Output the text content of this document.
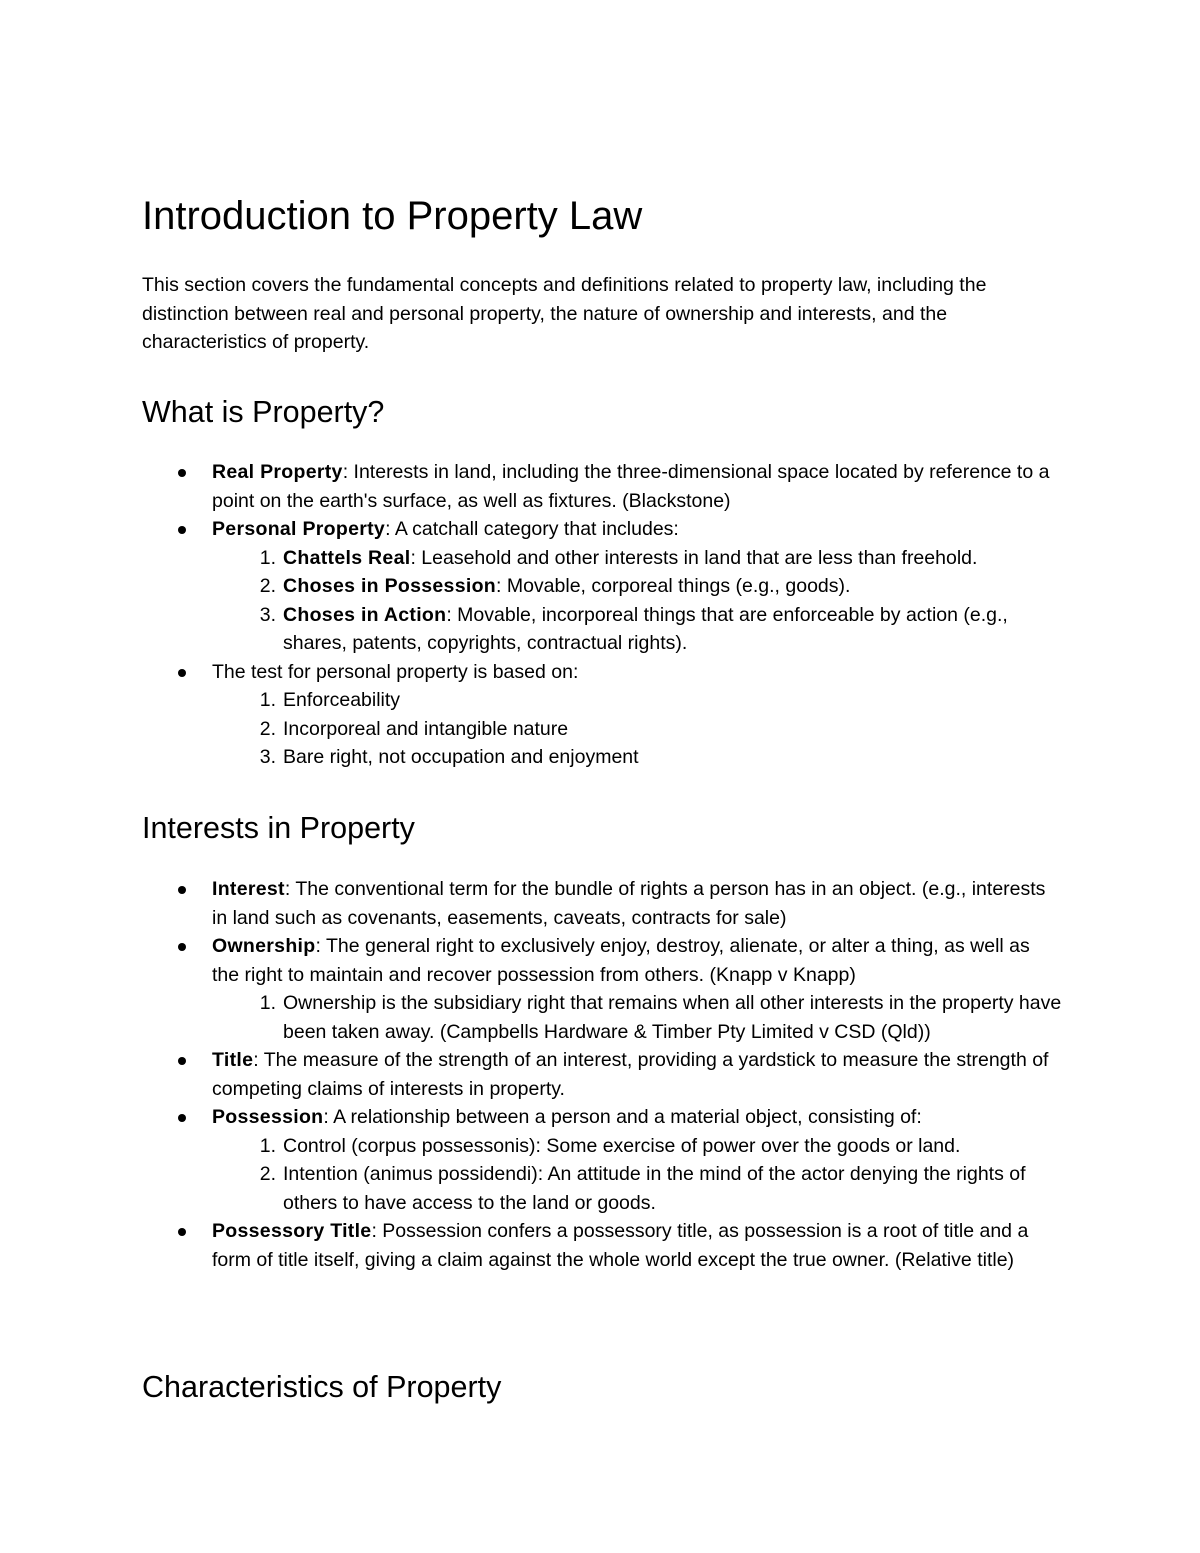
Introduction to Property Law

This section covers the fundamental concepts and definitions related to property law, including the distinction between real and personal property, the nature of ownership and interests, and the characteristics of property.

What is Property?
Real Property: Interests in land, including the three-dimensional space located by reference to a point on the earth's surface, as well as fixtures. (Blackstone)
Personal Property: A catchall category that includes:
1. Chattels Real: Leasehold and other interests in land that are less than freehold.
2. Choses in Possession: Movable, corporeal things (e.g., goods).
3. Choses in Action: Movable, incorporeal things that are enforceable by action (e.g., shares, patents, copyrights, contractual rights).
The test for personal property is based on:
1. Enforceability
2. Incorporeal and intangible nature
3. Bare right, not occupation and enjoyment
Interests in Property
Interest: The conventional term for the bundle of rights a person has in an object. (e.g., interests in land such as covenants, easements, caveats, contracts for sale)
Ownership: The general right to exclusively enjoy, destroy, alienate, or alter a thing, as well as the right to maintain and recover possession from others. (Knapp v Knapp)
1. Ownership is the subsidiary right that remains when all other interests in the property have been taken away. (Campbells Hardware & Timber Pty Limited v CSD (Qld))
Title: The measure of the strength of an interest, providing a yardstick to measure the strength of competing claims of interests in property.
Possession: A relationship between a person and a material object, consisting of:
1. Control (corpus possessonis): Some exercise of power over the goods or land.
2. Intention (animus possidendi): An attitude in the mind of the actor denying the rights of others to have access to the land or goods.
Possessory Title: Possession confers a possessory title, as possession is a root of title and a form of title itself, giving a claim against the whole world except the true owner. (Relative title)
Characteristics of Property
